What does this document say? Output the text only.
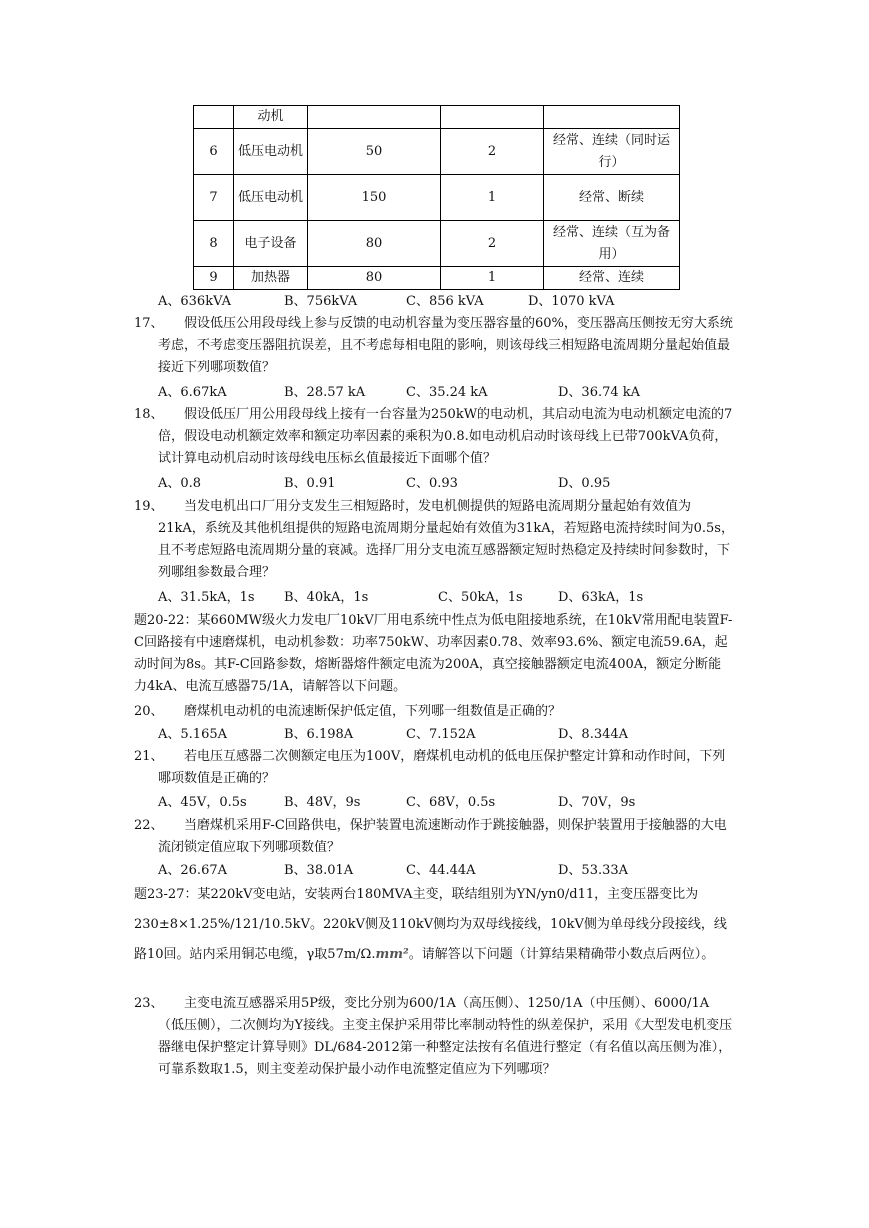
	动机			
6	低压电动机	50	2	经常、连续（同时运行）
7	低压电动机	150	1	经常、断续
8	电子设备	80	2	经常、连续（互为备用）
9	加热器	80	1	经常、连续

A、636kVA

	B、756kVA

	C、856 kVA

	D、1070 kVA

17、	假设低压公用段母线上参与反馈的电动机容量为变压器容量的60%，变压器高压侧按无穷大系统考虑，不考虑变压器阻抗误差，且不考虑每相电阻的影响，则该母线三相短路电流周期分量起始值最接近下列哪项数值？

A、6.67kA

	B、28.57 kA

	C、35.24 kA

	D、36.74 kA

18、	假设低压厂用公用段母线上接有一台容量为250kW的电动机，其启动电流为电动机额定电流的7倍，假设电动机额定效率和额定功率因素的乘积为0.8.如电动机启动时该母线上已带700kVA负荷，试计算电动机启动时该母线电压标幺值最接近下面哪个值？

A、0.8

	B、0.91

	C、0.93

	D、0.95

19、	当发电机出口厂用分支发生三相短路时，发电机侧提供的短路电流周期分量起始有效值为21kA，系统及其他机组提供的短路电流周期分量起始有效值为31kA，若短路电流持续时间为0.5s，且不考虑短路电流周期分量的衰减。选择厂用分支电流互感器额定短时热稳定及持续时间参数时，下列哪组参数最合理？

A、31.5kA，1s

B、40kA，1s

	C、50kA，1s

	D、63kA，1s

题20-22：某660MW级火力发电厂10kV厂用电系统中性点为低电阻接地系统，在10kV常用配电装置F-C回路接有中速磨煤机，电动机参数：功率750kW、功率因素0.78、效率93.6%、额定电流59.6A，起动时间为8s。其F-C回路参数，熔断器熔件额定电流为200A，真空接触器额定电流400A，额定分断能力4kA、电流互感器75/1A，请解答以下问题。
20、	磨煤机电动机的电流速断保护低定值，下列哪一组数值是正确的？

A、5.165A

	B、6.198A

	C、7.152A

	D、8.344A

21、	若电压互感器二次侧额定电压为100V，磨煤机电动机的低电压保护整定计算和动作时间，下列哪项数值是正确的？

A、45V，0.5s

	B、48V，9s

	C、68V，0.5s

	D、70V，9s

22、	当磨煤机采用F-C回路供电，保护装置电流速断动作于跳接触器，则保护装置用于接触器的大电流闭锁定值应取下列哪项数值？

A、26.67A

	B、38.01A

	C、44.44A

	D、53.33A

题23-27：某220kV变电站，安装两台180MVA主变，联结组别为YN/yn0/d11，主变压器变比为230±8×1.25%/121/10.5kV。220kV侧及110kV侧均为双母线接线，10kV侧为单母线分段接线，线路10回。站内采用铜芯电缆，γ取57m/Ω.mm²。请解答以下问题（计算结果精确带小数点后两位）。
23、	主变电流互感器采用5P级，变比分别为600/1A（高压侧）、1250/1A（中压侧）、6000/1A（低压侧），二次侧均为Y接线。主变主保护采用带比率制动特性的纵差保护，采用《大型发电机变压器继电保护整定计算导则》DL/684-2012第一种整定法按有名值进行整定（有名值以高压侧为准），可靠系数取1.5，则主变差动保护最小动作电流整定值应为下列哪项？
